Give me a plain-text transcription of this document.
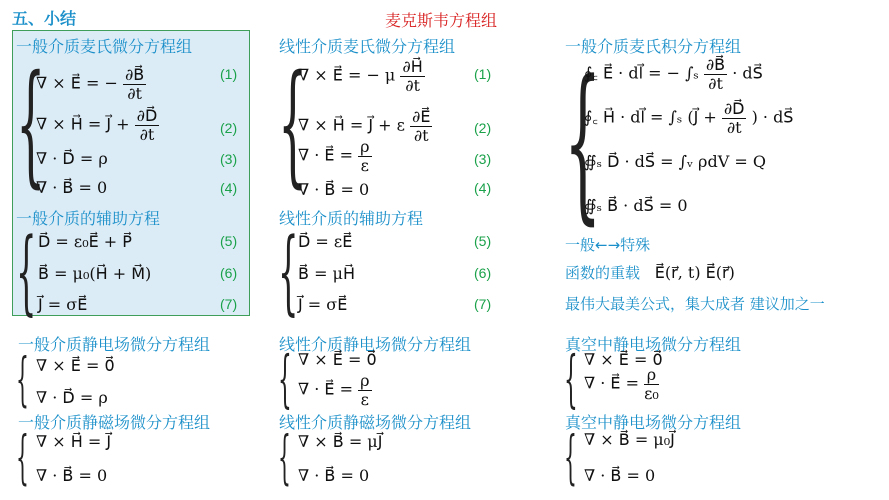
五、小结	麦克斯韦方程组
一般介质麦氏微分方程组
{
∇ × E⃗ = − $\frac{\partial B⃗}{\partial t}$	(1)
∇ × H⃗ = J⃗ + $\frac{\partial D⃗}{\partial t}$	(2)
∇ · D⃗ = ρ	(3)
∇ · B⃗ = 0	(4)
一般介质的辅助方程
{ D⃗ = ε₀E⃗ + P⃗	(5)
B⃗ = μ₀(H⃗ + M⃗)	(6)
J⃗ = σE⃗	(7)
一般介质静电场微分方程组
{ ∇ × E⃗ = 0⃗
∇ · D⃗ = ρ
一般介质静磁场微分方程组
{ ∇ × H⃗ = J⃗
∇ · B⃗ = 0
线性介质麦氏微分方程组
{
∇ × E⃗ = − μ $\frac{\partial H⃗}{\partial t}$	(1)
∇ × H⃗ = J⃗ + ε $\frac{\partial E⃗}{\partial t}$	(2)
∇ · E⃗ = $\frac{\rho}{\varepsilon}$	(3)
∇ · B⃗ = 0	(4)
线性介质的辅助方程
{ D⃗ = εE⃗	(5)
B⃗ = μH⃗	(6)
J⃗ = σE⃗	(7)
线性介质静电场微分方程组
{ ∇ × E⃗ = 0⃗
∇ · E⃗ = $\frac{\rho}{\varepsilon}$
线性介质静磁场微分方程组
{ ∇ × B⃗ = μJ⃗
∇ · B⃗ = 0
一般介质麦氏积分方程组
{
∮꜀ E⃗ · dl⃗ = − $\int_s \frac{\partial B⃗}{\partial t}$ · dS⃗
∮꜀ H⃗ · dl⃗ = ∫ₛ (J⃗ + $\frac{\partial D⃗}{\partial t}$ ) · dS⃗
∯ₛ D⃗ · dS⃗ = ∫ᵥ ρdV = Q
∯ₛ B⃗ · dS⃗ = 0
一般←→特殊
函数的重载 E⃗(r⃗, t) E⃗(r⃗)
最伟大最美公式，集大成者 建议加之一
真空中静电场微分方程组
{ ∇ × E⃗ = 0⃗
∇ · E⃗ = $\frac{\rho}{\text{ε₀}}$
真空中静电场微分方程组
{ ∇ × B⃗ = μ₀J⃗
∇ · B⃗ = 0
